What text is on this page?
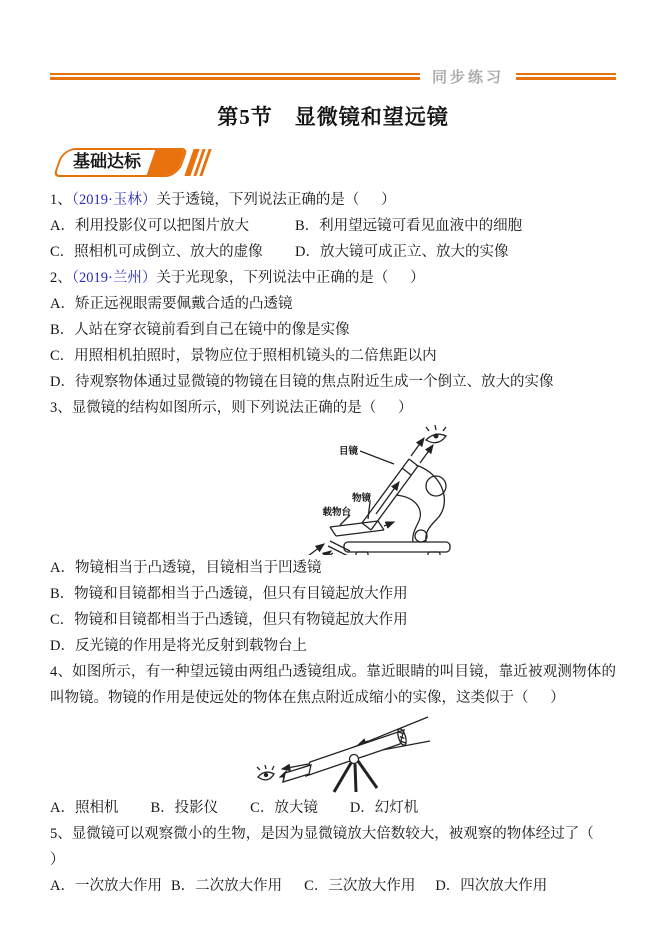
同步练习
第5节　显微镜和望远镜
基础达标

1、（2019·玉林）关于透镜，下列说法正确的是（      ）

A．利用投影仪可以把图片放大	B．利用望远镜可看见血液中的细胞

C．照相机可成倒立、放大的虚像	D．放大镜可成正立、放大的实像

2、（2019·兰州）关于光现象，下列说法中正确的是（      ）

A．矫正远视眼需要佩戴合适的凸透镜

B．人站在穿衣镜前看到自己在镜中的像是实像

C．用照相机拍照时，景物应位于照相机镜头的二倍焦距以内

D．待观察物体通过显微镜的物镜在目镜的焦点附近生成一个倒立、放大的实像

3、显微镜的结构如图所示，则下列说法正确的是（      ）

目镜
物镜
载物台

A．物镜相当于凸透镜，目镜相当于凹透镜

B．物镜和目镜都相当于凸透镜，但只有目镜起放大作用

C．物镜和目镜都相当于凸透镜，但只有物镜起放大作用

D．反光镜的作用是将光反射到载物台上

4、如图所示，有一种望远镜由两组凸透镜组成。靠近眼睛的叫目镜，靠近被观测物体的叫物镜。物镜的作用是使远处的物体在焦点附近成缩小的实像，这类似于（      ）

A．照相机 B．投影仪 C．放大镜 D．幻灯机

5、显微镜可以观察微小的生物，是因为显微镜放大倍数较大，被观察的物体经过了（      ）

A．一次放大作用 B．二次放大作用 C．三次放大作用 D．四次放大作用
